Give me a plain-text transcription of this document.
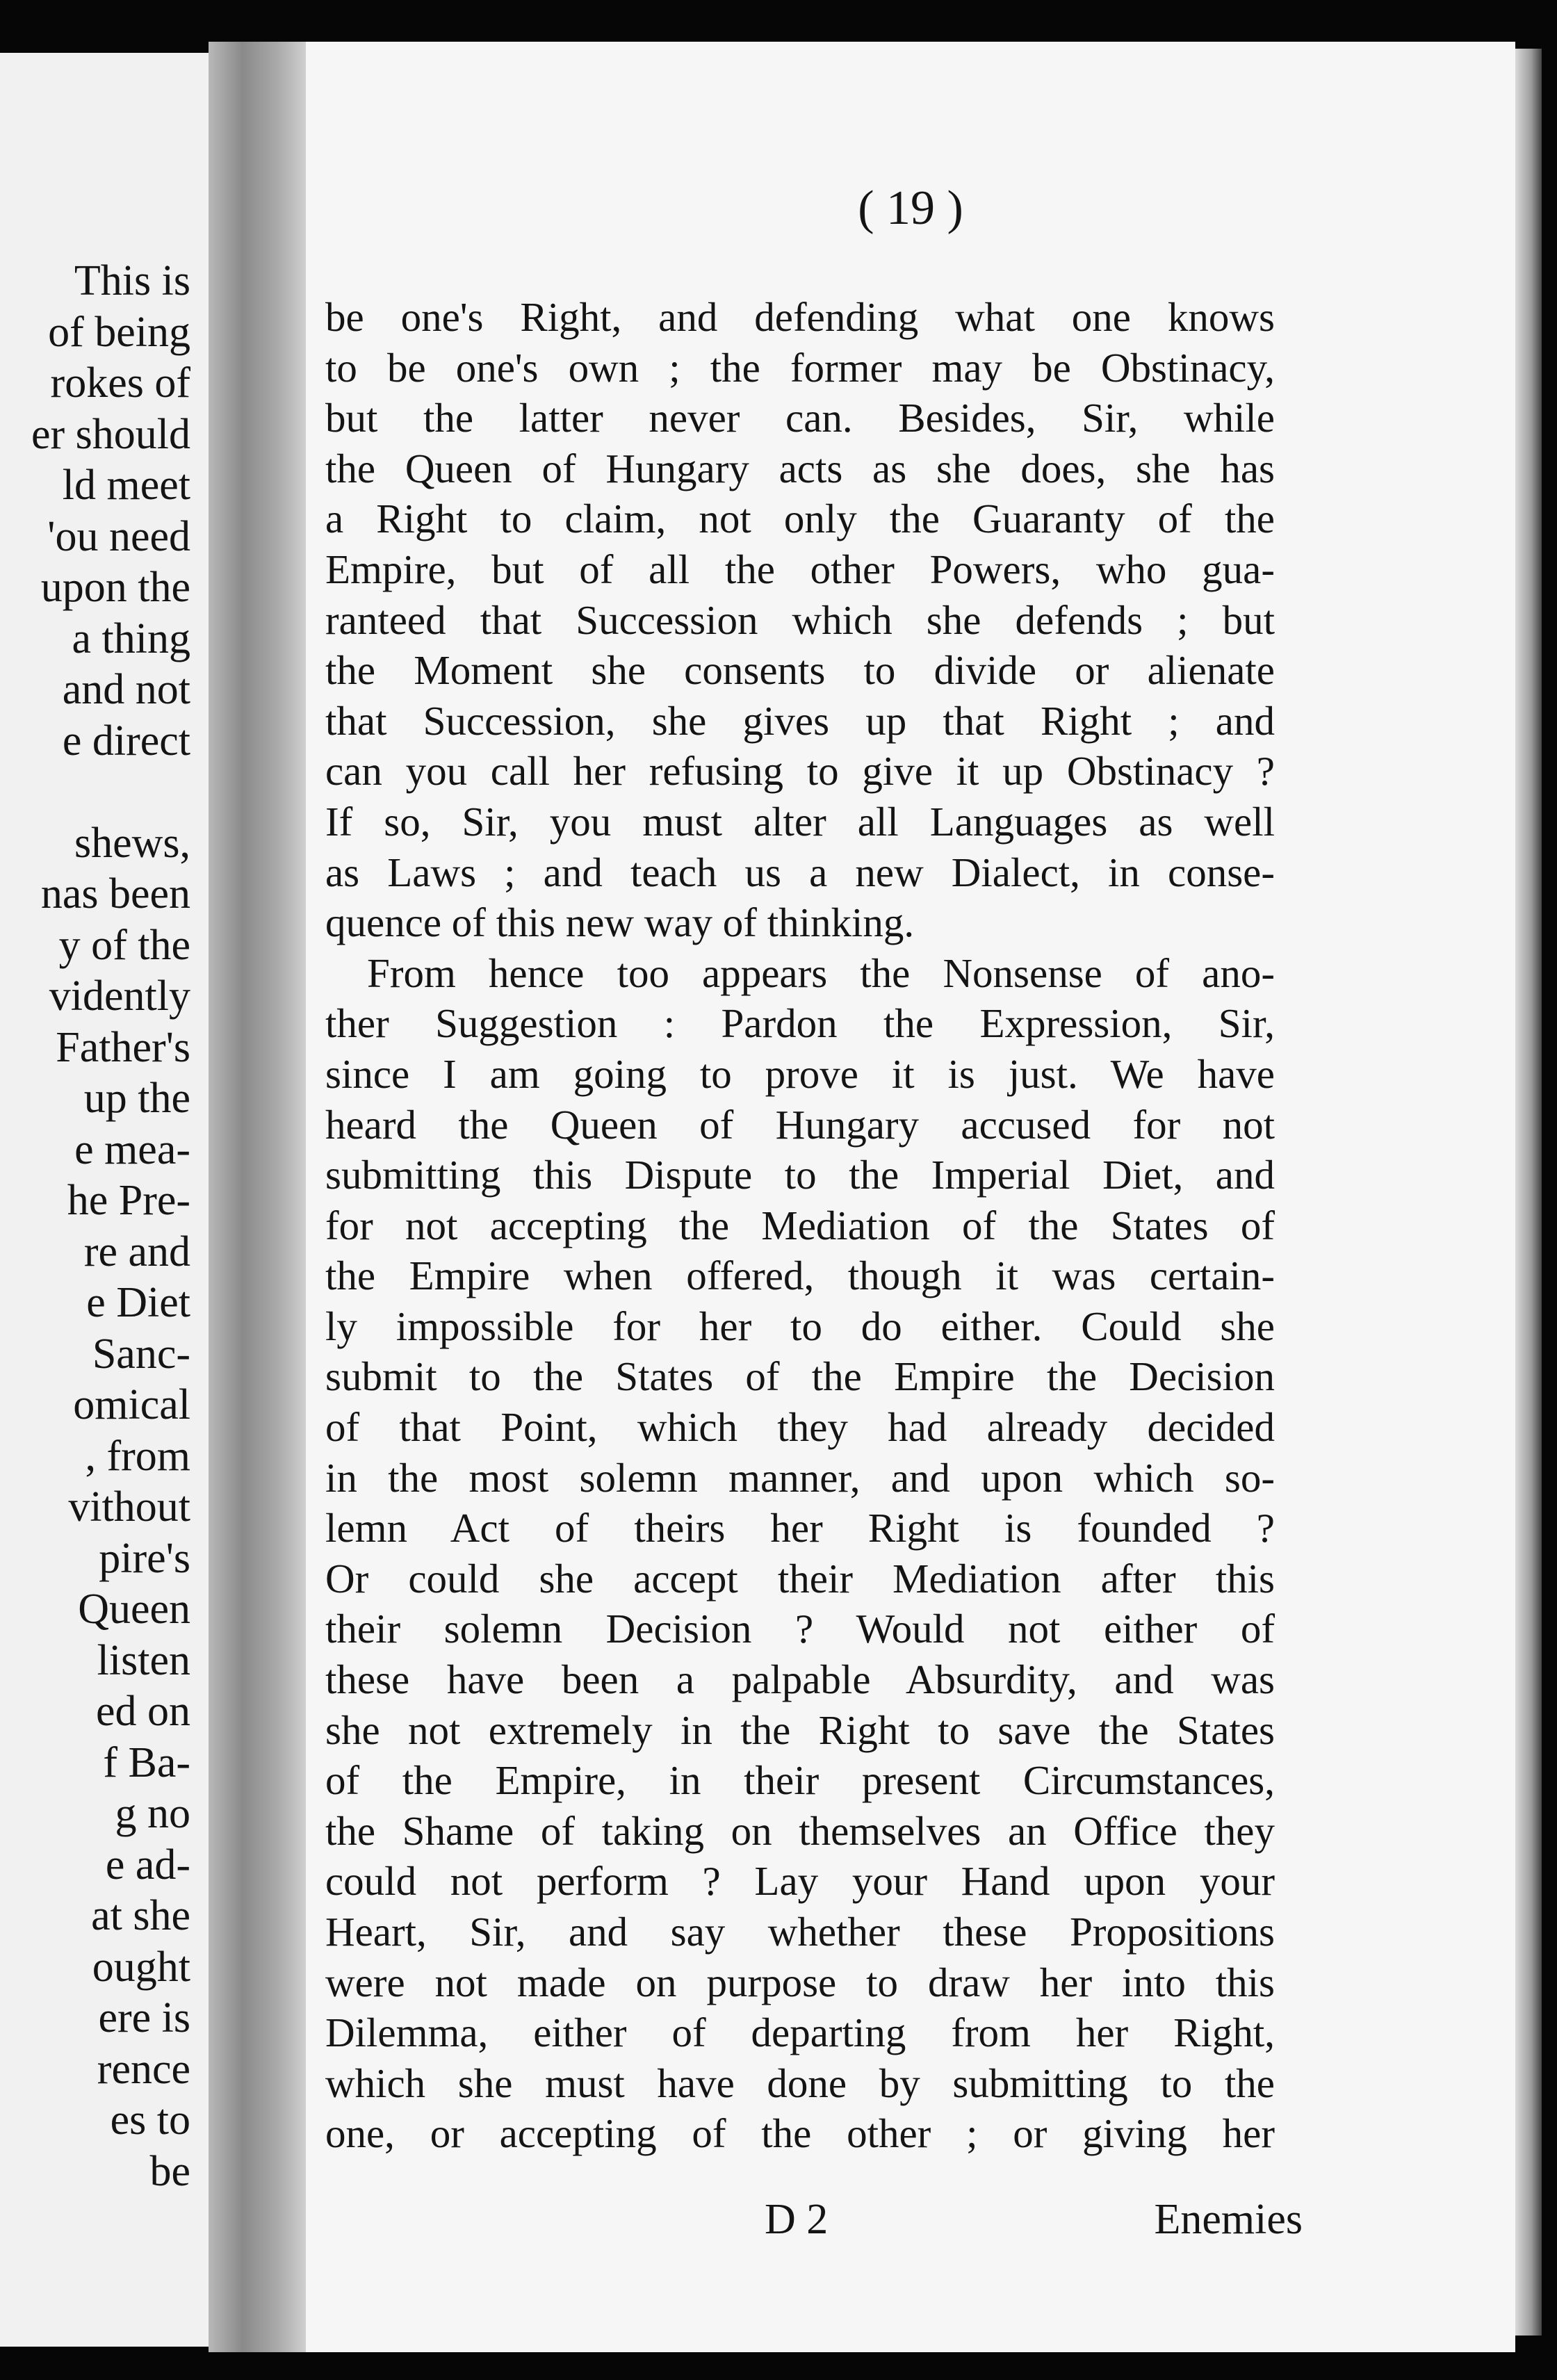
This is
of being
rokes of
er should
ld meet
'ou need
upon the
a thing
and not
e direct

shews,
nas been
y of the
vidently
Father's
up the
e mea-
he Pre-
re and
e Diet
Sanc-
omical
, from
vithout
pire's
Queen
listen
ed on
f Ba-
g no
e ad-
at she
ought
ere is
rence
es to
be
( 19 )
be one's Right, and defending what one knows
to be one's own ; the former may be Obstinacy,
but the latter never can. Besides, Sir, while
the Queen of Hungary acts as she does, she has
a Right to claim, not only the Guaranty of the
Empire, but of all the other Powers, who gua-
ranteed that Succession which she defends ; but
the Moment she consents to divide or alienate
that Succession, she gives up that Right ; and
can you call her refusing to give it up Obstinacy ?
If so, Sir, you must alter all Languages as well
as Laws ; and teach us a new Dialect, in conse-
quence of this new way of thinking.
From hence too appears the Nonsense of ano-
ther Suggestion : Pardon the Expression, Sir,
since I am going to prove it is just. We have
heard the Queen of Hungary accused for not
submitting this Dispute to the Imperial Diet, and
for not accepting the Mediation of the States of
the Empire when offered, though it was certain-
ly impossible for her to do either. Could she
submit to the States of the Empire the Decision
of that Point, which they had already decided
in the most solemn manner, and upon which so-
lemn Act of theirs her Right is founded ?
Or could she accept their Mediation after this
their solemn Decision ? Would not either of
these have been a palpable Absurdity, and was
she not extremely in the Right to save the States
of the Empire, in their present Circumstances,
the Shame of taking on themselves an Office they
could not perform ? Lay your Hand upon your
Heart, Sir, and say whether these Propositions
were not made on purpose to draw her into this
Dilemma, either of departing from her Right,
which she must have done by submitting to the
one, or accepting of the other ; or giving her
D 2	Enemies
